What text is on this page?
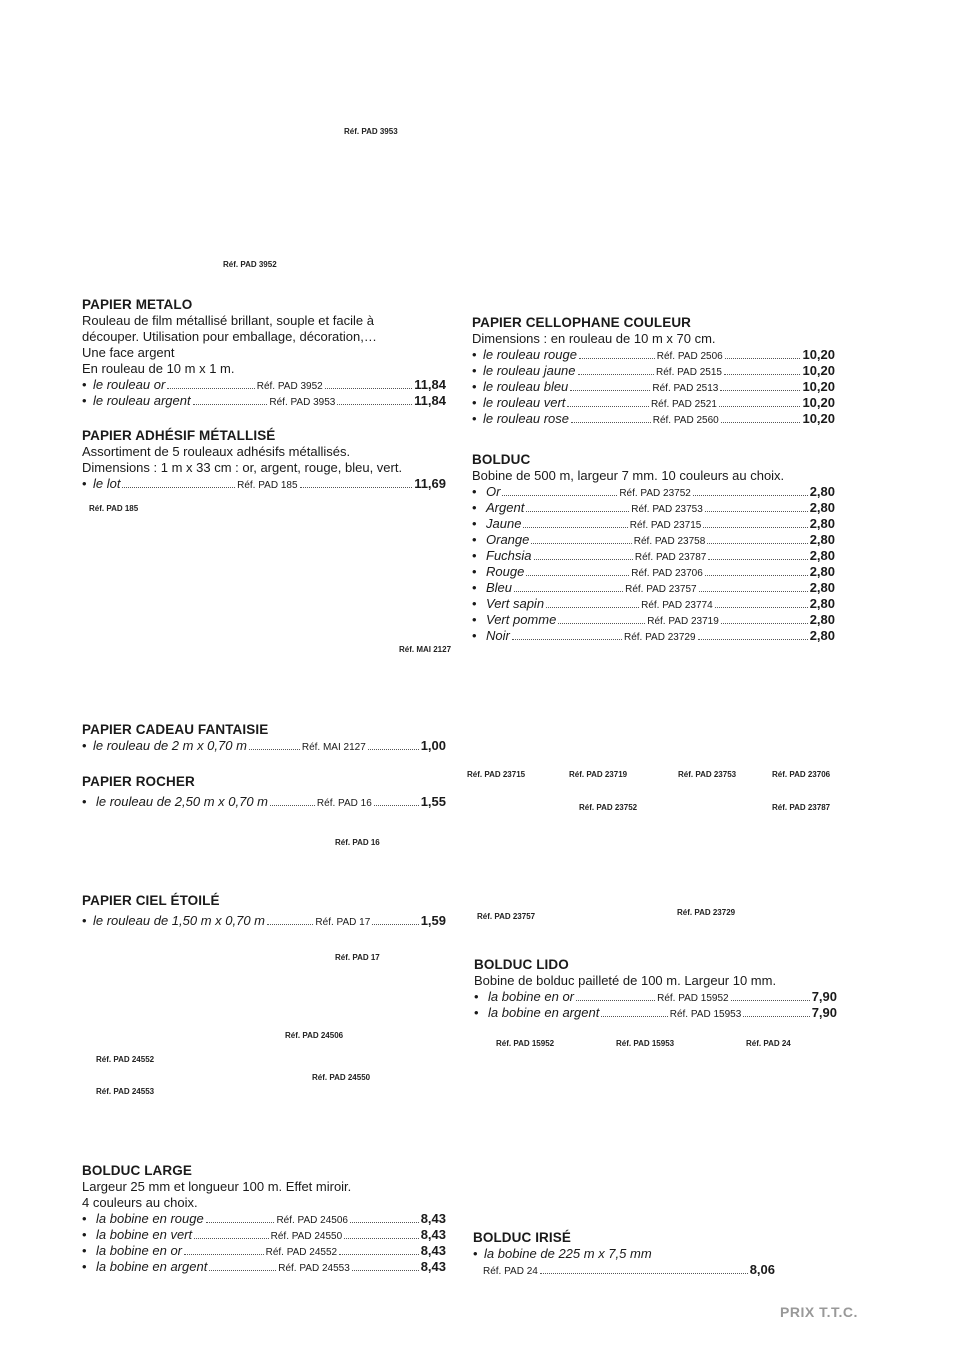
Réf. PAD 3953
Réf. PAD 3952
Réf. PAD 185
Réf. MAI 2127
Réf. PAD 16
Réf. PAD 17
Réf. PAD 24506
Réf. PAD 24552
Réf. PAD 24550
Réf. PAD 24553
Réf. PAD 23715	Réf. PAD 23719	Réf. PAD 23753	Réf. PAD 23706
Réf. PAD 23752	Réf. PAD 23787
Réf. PAD 23757	Réf. PAD 23729
Réf. PAD 15952	Réf. PAD 15953	Réf. PAD 24
PAPIER METALO
Rouleau de film métallisé brillant, souple et facile à
découper. Utilisation pour emballage, décoration,…
Une face argent
En rouleau de 10 m x 1 m.
• le rouleau or	Réf. PAD 3952	11,84
• le rouleau argent	Réf. PAD 3953	11,84
PAPIER ADHÉSIF MÉTALLISÉ
Assortiment de 5 rouleaux adhésifs métallisés.
Dimensions : 1 m x 33 cm : or, argent, rouge, bleu, vert.
• le lot	Réf. PAD 185	11,69
PAPIER CELLOPHANE COULEUR
Dimensions : en rouleau de 10 m x 70 cm.
• le rouleau rouge	Réf. PAD 2506	10,20
• le rouleau jaune	Réf. PAD 2515	10,20
• le rouleau bleu	Réf. PAD 2513	10,20
• le rouleau vert	Réf. PAD 2521	10,20
• le rouleau rose	Réf. PAD 2560	10,20
BOLDUC
Bobine de 500 m, largeur 7 mm. 10 couleurs au choix.
• Or	Réf. PAD 23752	2,80
• Argent	Réf. PAD 23753	2,80
• Jaune	Réf. PAD 23715	2,80
• Orange	Réf. PAD 23758	2,80
• Fuchsia	Réf. PAD 23787	2,80
• Rouge	Réf. PAD 23706	2,80
• Bleu	Réf. PAD 23757	2,80
• Vert sapin	Réf. PAD 23774	2,80
• Vert pomme	Réf. PAD 23719	2,80
• Noir	Réf. PAD 23729	2,80
PAPIER CADEAU FANTAISIE
• le rouleau de 2 m x 0,70 m	Réf. MAI 2127	1,00
PAPIER ROCHER
• le rouleau de 2,50 m x 0,70 m	Réf. PAD 16	1,55
PAPIER CIEL ÉTOILÉ
• le rouleau de 1,50 m x 0,70 m	Réf. PAD 17	1,59
BOLDUC LIDO
Bobine de bolduc pailleté de 100 m. Largeur 10 mm.
• la bobine en or	Réf. PAD 15952	7,90
• la bobine en argent	Réf. PAD 15953	7,90
BOLDUC LARGE
Largeur 25 mm et longueur 100 m. Effet miroir.
4 couleurs au choix.
• la bobine en rouge	Réf. PAD 24506	8,43
• la bobine en vert	Réf. PAD 24550	8,43
• la bobine en or	Réf. PAD 24552	8,43
• la bobine en argent	Réf. PAD 24553	8,43
BOLDUC IRISÉ
• la bobine de 225 m x 7,5 mm
Réf. PAD 24	8,06
PRIX T.T.C.
